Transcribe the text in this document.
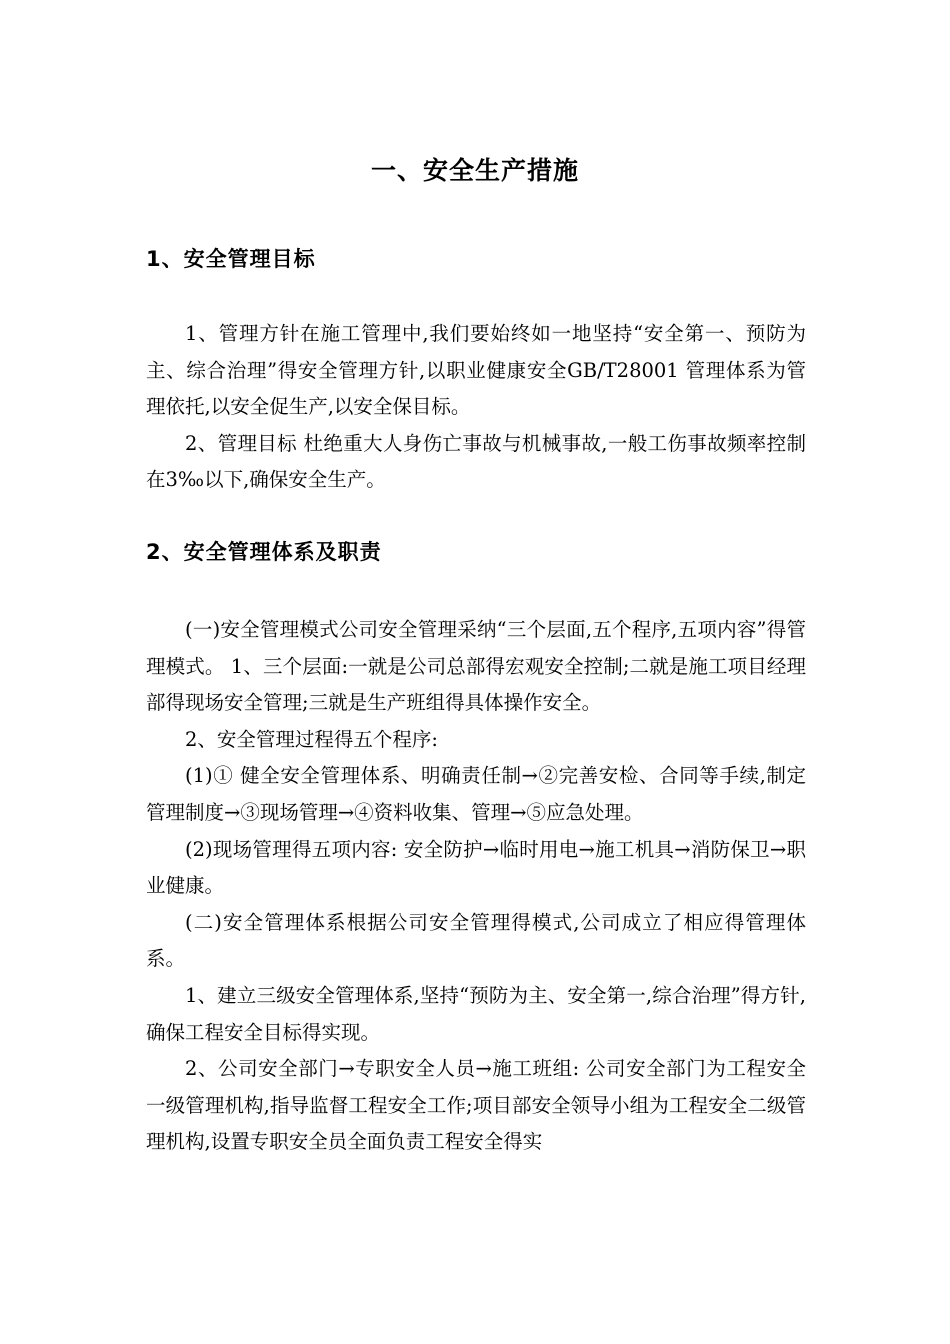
一、安全生产措施
1、安全管理目标

1、管理方针在施工管理中,我们要始终如一地坚持“安全第一、预防为主、综合治理”得安全管理方针,以职业健康安全GB/T28001 管理体系为管理依托,以安全促生产,以安全保目标。

2、管理目标 杜绝重大人身伤亡事故与机械事故,一般工伤事故频率控制在3‰以下,确保安全生产。

2、安全管理体系及职责

(一)安全管理模式公司安全管理采纳“三个层面,五个程序,五项内容”得管理模式。 1、三个层面:一就是公司总部得宏观安全控制;二就是施工项目经理部得现场安全管理;三就是生产班组得具体操作安全。

2、安全管理过程得五个程序:

(1)① 健全安全管理体系、明确责任制→②完善安检、合同等手续,制定管理制度→③现场管理→④资料收集、管理→⑤应急处理。

(2)现场管理得五项内容: 安全防护→临时用电→施工机具→消防保卫→职业健康。

(二)安全管理体系根据公司安全管理得模式,公司成立了相应得管理体系。

1、建立三级安全管理体系,坚持“预防为主、安全第一,综合治理”得方针,确保工程安全目标得实现。

2、公司安全部门→专职安全人员→施工班组: 公司安全部门为工程安全一级管理机构,指导监督工程安全工作;项目部安全领导小组为工程安全二级管理机构,设置专职安全员全面负责工程安全得实
